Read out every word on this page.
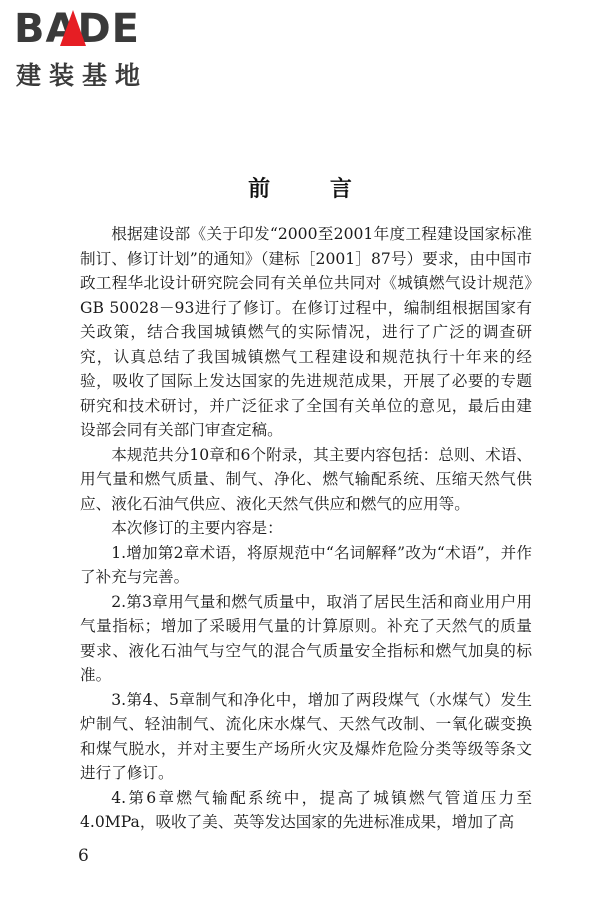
BADE
建装基地
前 言

根据建设部《关于印发“2000至2001年度工程建设国家标准制订、修订计划”的通知》（建标［2001］87号）要求，由中国市政工程华北设计研究院会同有关单位共同对《城镇燃气设计规范》GB 50028－93进行了修订。在修订过程中，编制组根据国家有关政策，结合我国城镇燃气的实际情况，进行了广泛的调查研究，认真总结了我国城镇燃气工程建设和规范执行十年来的经验，吸收了国际上发达国家的先进规范成果，开展了必要的专题研究和技术研讨，并广泛征求了全国有关单位的意见，最后由建设部会同有关部门审查定稿。

本规范共分10章和6个附录，其主要内容包括：总则、术语、用气量和燃气质量、制气、净化、燃气输配系统、压缩天然气供应、液化石油气供应、液化天然气供应和燃气的应用等。

本次修订的主要内容是：

1.增加第2章术语，将原规范中“名词解释”改为“术语”，并作了补充与完善。

2.第3章用气量和燃气质量中，取消了居民生活和商业用户用气量指标；增加了采暖用气量的计算原则。补充了天然气的质量要求、液化石油气与空气的混合气质量安全指标和燃气加臭的标准。

3.第4、5章制气和净化中，增加了两段煤气（水煤气）发生炉制气、轻油制气、流化床水煤气、天然气改制、一氧化碳变换和煤气脱水，并对主要生产场所火灾及爆炸危险分类等级等条文进行了修订。

4.第6章燃气输配系统中，提高了城镇燃气管道压力至4.0MPa，吸收了美、英等发达国家的先进标准成果，增加了高

6
